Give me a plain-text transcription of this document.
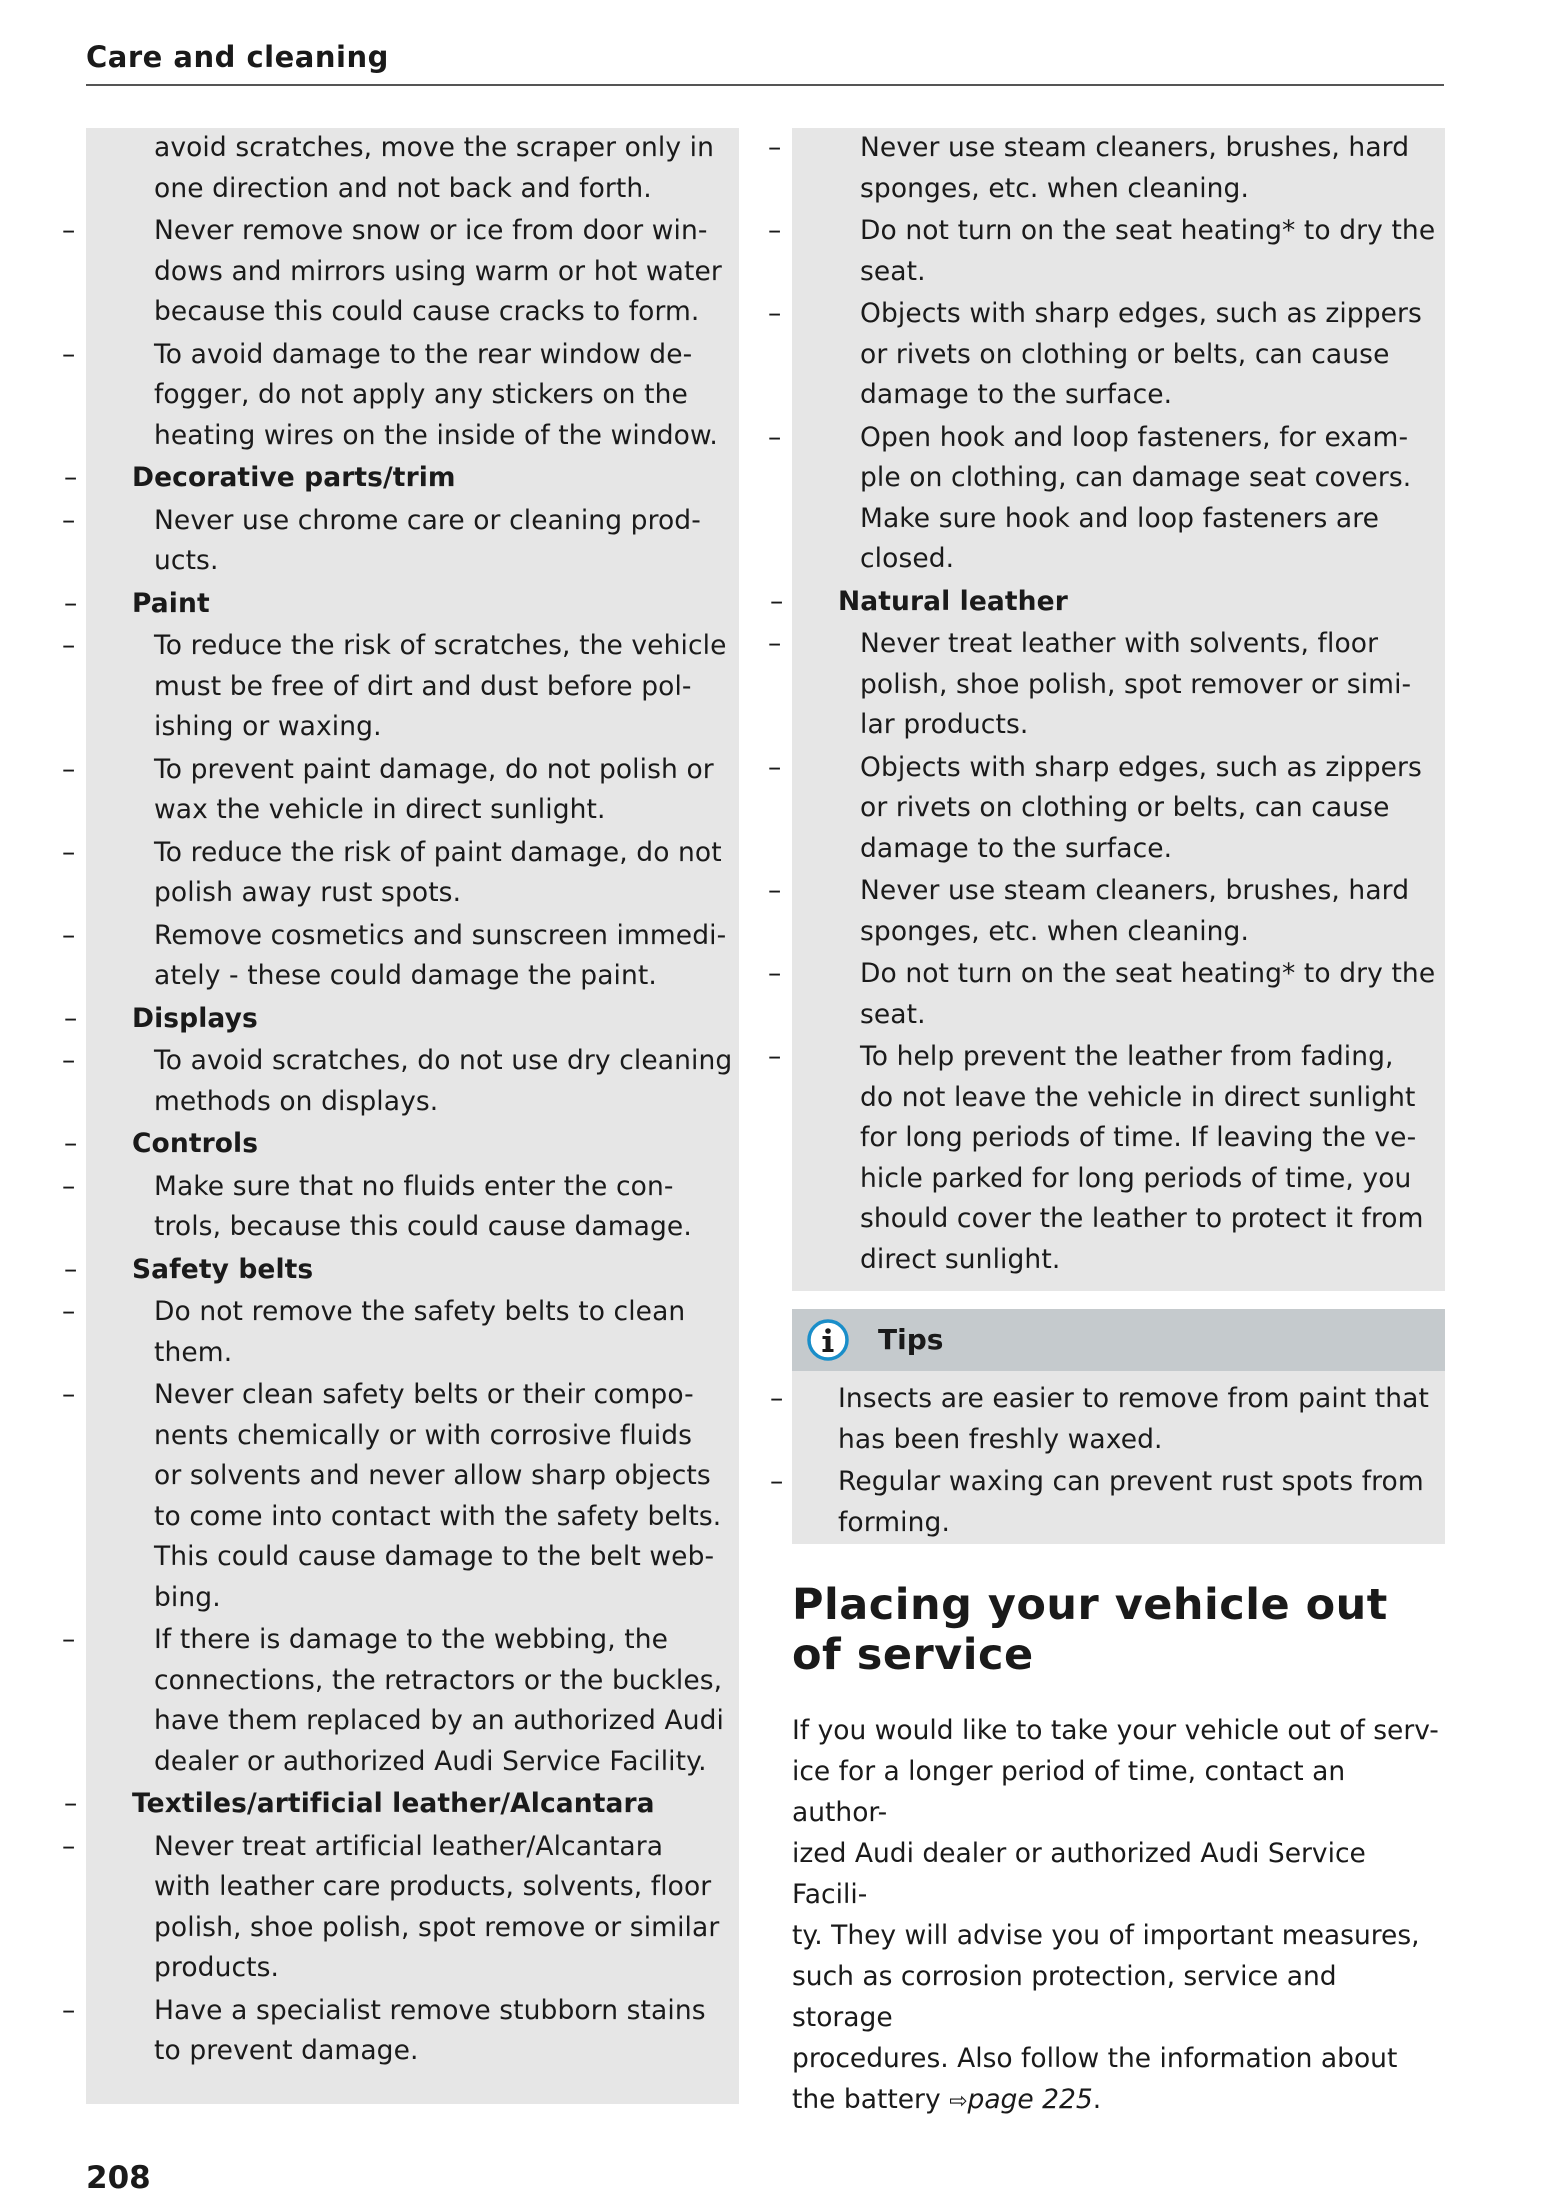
Care and cleaning
avoid scratches, move the scraper only in
one direction and not back and forth.
–	Never remove snow or ice from door win-
dows and mirrors using warm or hot water
because this could cause cracks to form.
–	To avoid damage to the rear window de-
fogger, do not apply any stickers on the
heating wires on the inside of the window.
– Decorative parts/trim
–	Never use chrome care or cleaning prod-
ucts.
– Paint
–	To reduce the risk of scratches, the vehicle
must be free of dirt and dust before pol-
ishing or waxing.
–	To prevent paint damage, do not polish or
wax the vehicle in direct sunlight.
–	To reduce the risk of paint damage, do not
polish away rust spots.
–	Remove cosmetics and sunscreen immedi-
ately - these could damage the paint.
– Displays
–	To avoid scratches, do not use dry cleaning
methods on displays.
– Controls
–	Make sure that no fluids enter the con-
trols, because this could cause damage.
– Safety belts
–	Do not remove the safety belts to clean
them.
–	Never clean safety belts or their compo-
nents chemically or with corrosive fluids
or solvents and never allow sharp objects
to come into contact with the safety belts.
This could cause damage to the belt web-
bing.
–	If there is damage to the webbing, the
connections, the retractors or the buckles,
have them replaced by an authorized Audi
dealer or authorized Audi Service Facility.
– Textiles/artificial leather/Alcantara
–	Never treat artificial leather/Alcantara
with leather care products, solvents, floor
polish, shoe polish, spot remove or similar
products.
–	Have a specialist remove stubborn stains
to prevent damage.
–	Never use steam cleaners, brushes, hard
sponges, etc. when cleaning.
–	Do not turn on the seat heating* to dry the
seat.
–	Objects with sharp edges, such as zippers
or rivets on clothing or belts, can cause
damage to the surface.
–	Open hook and loop fasteners, for exam-
ple on clothing, can damage seat covers.
Make sure hook and loop fasteners are
closed.
– Natural leather
–	Never treat leather with solvents, floor
polish, shoe polish, spot remover or simi-
lar products.
–	Objects with sharp edges, such as zippers
or rivets on clothing or belts, can cause
damage to the surface.
–	Never use steam cleaners, brushes, hard
sponges, etc. when cleaning.
–	Do not turn on the seat heating* to dry the
seat.
–	To help prevent the leather from fading,
do not leave the vehicle in direct sunlight
for long periods of time. If leaving the ve-
hicle parked for long periods of time, you
should cover the leather to protect it from
direct sunlight.
Tips
– Insects are easier to remove from paint that
has been freshly waxed.
– Regular waxing can prevent rust spots from
forming.
Placing your vehicle out
of service
If you would like to take your vehicle out of serv-
ice for a longer period of time, contact an author-
ized Audi dealer or authorized Audi Service Facili-
ty. They will advise you of important measures,
such as corrosion protection, service and storage
procedures. Also follow the information about
the battery ⇨page 225.
208
